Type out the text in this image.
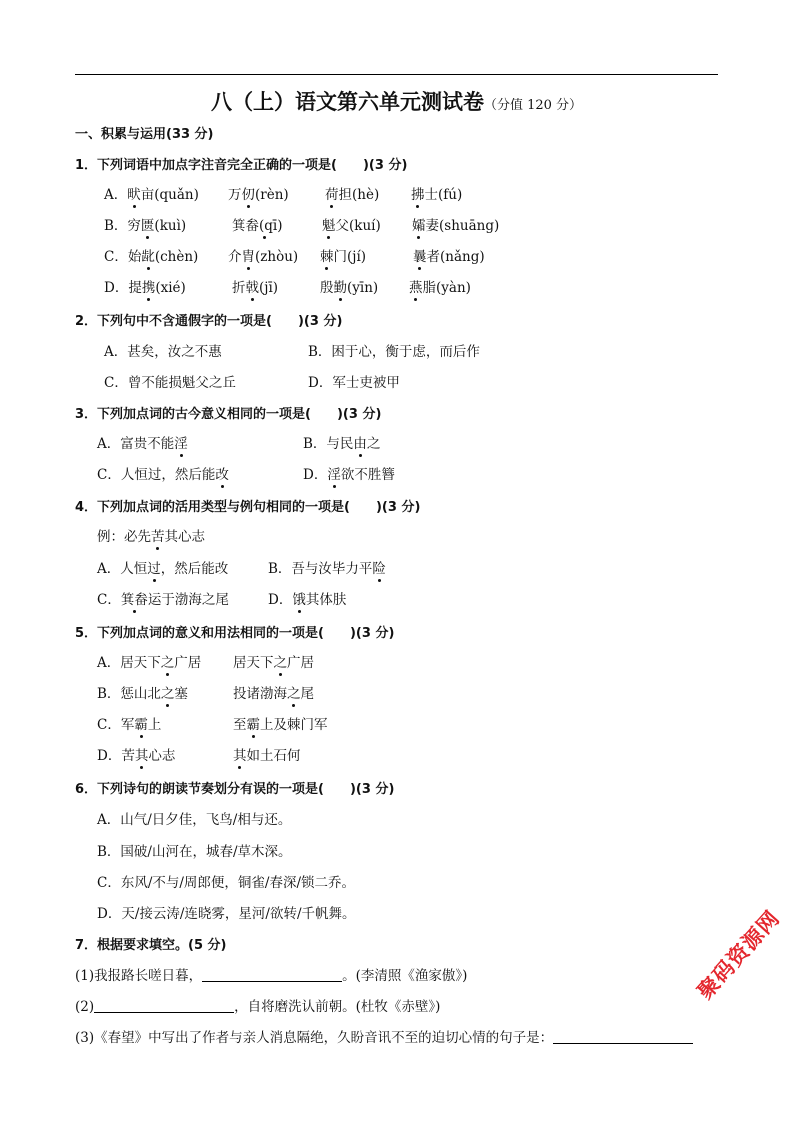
八（上）语文第六单元测试卷（分值 120 分）
一、积累与运用(33 分)
1．下列词语中加点字注音完全正确的一项是(　　)(3 分)
A．畎亩(quǎn) 万仞(rèn)	荷担(hè) 拂士(fú)
B．穷匮(kuì)	箕畚(qī)	魁父(kuí) 孀妻(shuāng)
C．始龀(chèn) 介胄(zhòu) 棘门(jí)	曩者(nǎng)
D．提携(xié)	折戟(jī)	殷勤(yīn) 燕脂(yàn)
2．下列句中不含通假字的一项是(　　)(3 分)
A．甚矣，汝之不惠	B．困于心，衡于虑，而后作
C．曾不能损魁父之丘	D．军士吏被甲
3．下列加点词的古今意义相同的一项是(　　)(3 分)
A．富贵不能淫	B．与民由之
C．人恒过，然后能改	D．淫欲不胜簪
4．下列加点词的活用类型与例句相同的一项是(　　)(3 分)
例：必先苦其心志
A．人恒过，然后能改	B．吾与汝毕力平险
C．箕畚运于渤海之尾	D．饿其体肤
5．下列加点词的意义和用法相同的一项是(　　)(3 分)
A．居天下之广居 居天下之广居
B．惩山北之塞	投诸渤海之尾
C．军霸上	至霸上及棘门军
D．苦其心志	其如土石何
6．下列诗句的朗读节奏划分有误的一项是(　　)(3 分)
A．山气/日夕佳，飞鸟/相与还。
B．国破/山河在，城春/草木深。
C．东风/不与/周郎便，铜雀/春深/锁二乔。
D．天/接云涛/连晓雾，星河/欲转/千帆舞。
7．根据要求填空。(5 分)
(1)我报路长嗟日暮，	。(李清照《渔家傲》)
(2)	，自将磨洗认前朝。(杜牧《赤壁》)
(3)《春望》中写出了作者与亲人消息隔绝，久盼音讯不至的迫切心情的句子是：
聚码资源网
